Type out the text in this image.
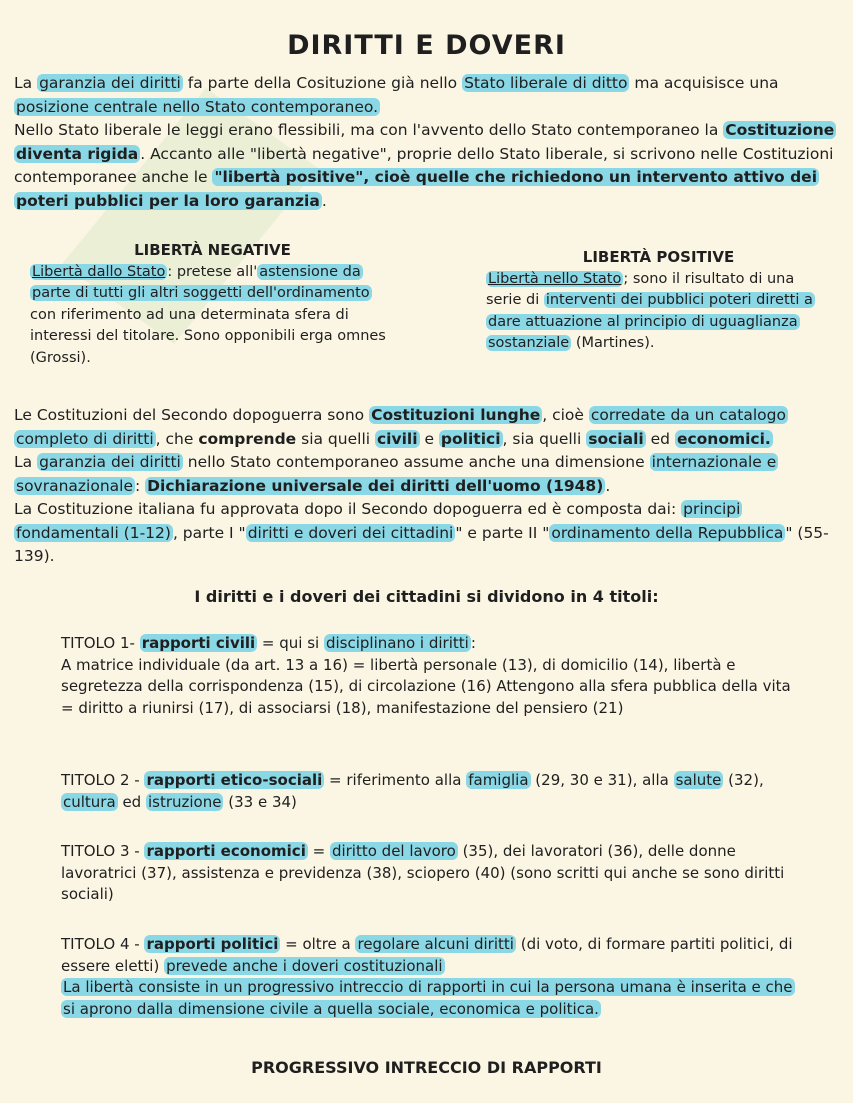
DIRITTI E DOVERI
La garanzia dei diritti fa parte della Cosituzione già nello Stato liberale di ditto ma acquisisce una posizione centrale nello Stato contemporaneo.
Nello Stato liberale le leggi erano flessibili, ma con l'avvento dello Stato contemporaneo la Costituzione diventa rigida . Accanto alle "libertà negative", proprie dello Stato liberale, si scrivono nelle Costituzioni contemporanee anche le "libertà positive", cioè quelle che richiedono un intervento attivo dei poteri pubblici per la loro garanzia .
LIBERTÀ NEGATIVE
Libertà dallo Stato : pretese all' astensione da parte di tutti gli altri soggetti dell'ordinamento con riferimento ad una determinata sfera di interessi del titolare. Sono opponibili erga omnes (Grossi).
LIBERTÀ POSITIVE
Libertà nello Stato ; sono il risultato di una serie di interventi dei pubblici poteri diretti a dare attuazione al principio di uguaglianza sostanziale (Martines).
Le Costituzioni del Secondo dopoguerra sono Costituzioni lunghe , cioè corredate da un catalogo completo di diritti , che comprende sia quelli civili e politici , sia quelli sociali ed economici.
La garanzia dei diritti nello Stato contemporaneo assume anche una dimensione internazionale e sovranazionale : Dichiarazione universale dei diritti dell'uomo (1948) .
La Costituzione italiana fu approvata dopo il Secondo dopoguerra ed è composta dai: principi fondamentali (1-12) , parte I " diritti e doveri dei cittadini " e parte II " ordinamento della Repubblica " (55-139).
I diritti e i doveri dei cittadini si dividono in 4 titoli:
TITOLO 1- rapporti civili = qui si disciplinano i diritti :
A matrice individuale (da art. 13 a 16) = libertà personale (13), di domicilio (14), libertà e segretezza della corrispondenza (15), di circolazione (16) Attengono alla sfera pubblica della vita = diritto a riunirsi (17), di associarsi (18), manifestazione del pensiero (21)
TITOLO 2 - rapporti etico-sociali = riferimento alla famiglia (29, 30 e 31), alla salute (32), cultura ed istruzione (33 e 34)
TITOLO 3 - rapporti economici = diritto del lavoro (35), dei lavoratori (36), delle donne lavoratrici (37), assistenza e previdenza (38), sciopero (40) (sono scritti qui anche se sono diritti sociali)
TITOLO 4 - rapporti politici = oltre a regolare alcuni diritti (di voto, di formare partiti politici, di essere eletti) prevede anche i doveri costituzionali
La libertà consiste in un progressivo intreccio di rapporti in cui la persona umana è inserita e che si aprono dalla dimensione civile a quella sociale, economica e politica.
PROGRESSIVO INTRECCIO DI RAPPORTI
